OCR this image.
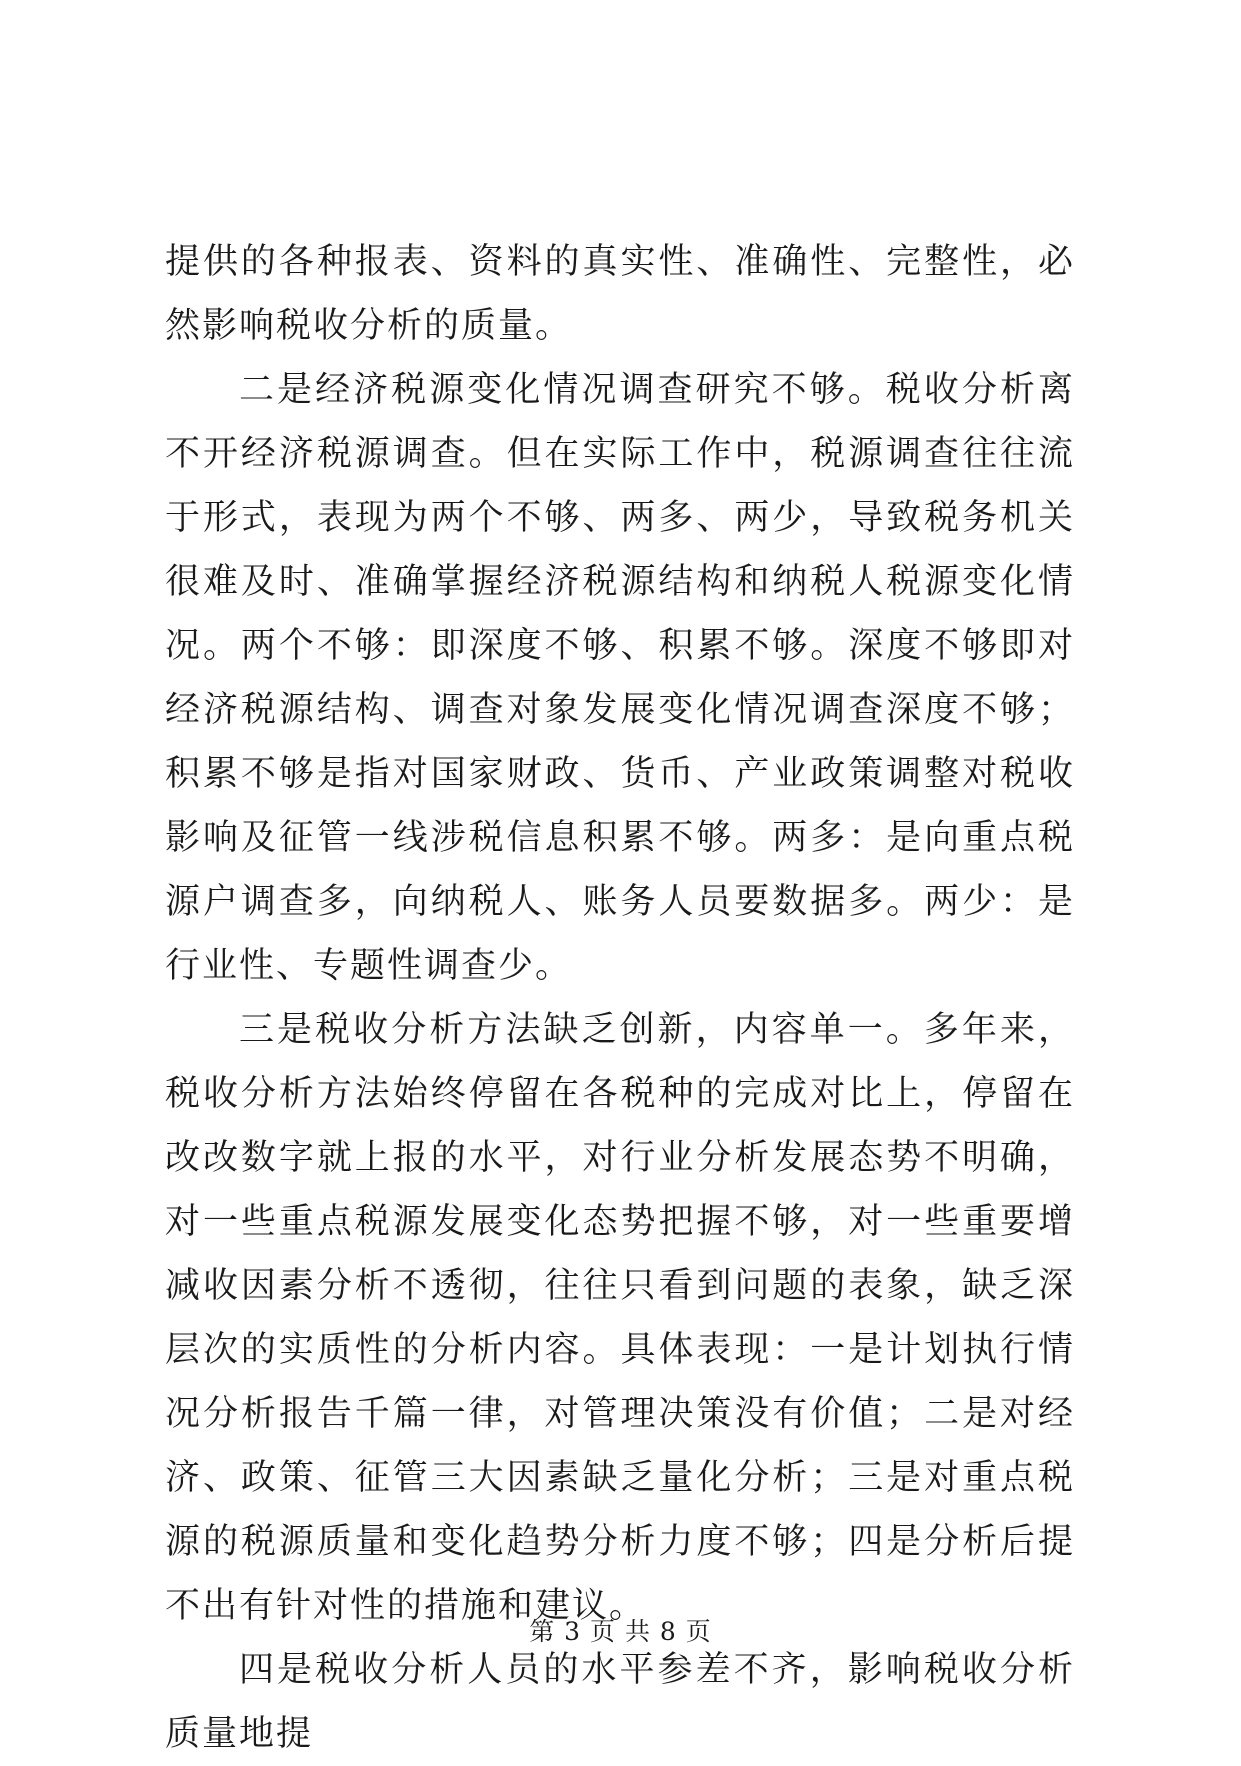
提供的各种报表、资料的真实性、准确性、完整性，必然影响税收分析的质量。

二是经济税源变化情况调查研究不够。税收分析离不开经济税源调查。但在实际工作中，税源调查往往流于形式，表现为两个不够、两多、两少，导致税务机关很难及时、准确掌握经济税源结构和纳税人税源变化情况。两个不够：即深度不够、积累不够。深度不够即对经济税源结构、调查对象发展变化情况调查深度不够；积累不够是指对国家财政、货币、产业政策调整对税收影响及征管一线涉税信息积累不够。两多：是向重点税源户调查多，向纳税人、账务人员要数据多。两少：是行业性、专题性调查少。

三是税收分析方法缺乏创新，内容单一。多年来，税收分析方法始终停留在各税种的完成对比上，停留在改改数字就上报的水平，对行业分析发展态势不明确，对一些重点税源发展变化态势把握不够，对一些重要增减收因素分析不透彻，往往只看到问题的表象，缺乏深层次的实质性的分析内容。具体表现：一是计划执行情况分析报告千篇一律，对管理决策没有价值；二是对经济、政策、征管三大因素缺乏量化分析；三是对重点税源的税源质量和变化趋势分析力度不够；四是分析后提不出有针对性的措施和建议。

四是税收分析人员的水平参差不齐，影响税收分析质量地提

第 3 页 共 8 页
